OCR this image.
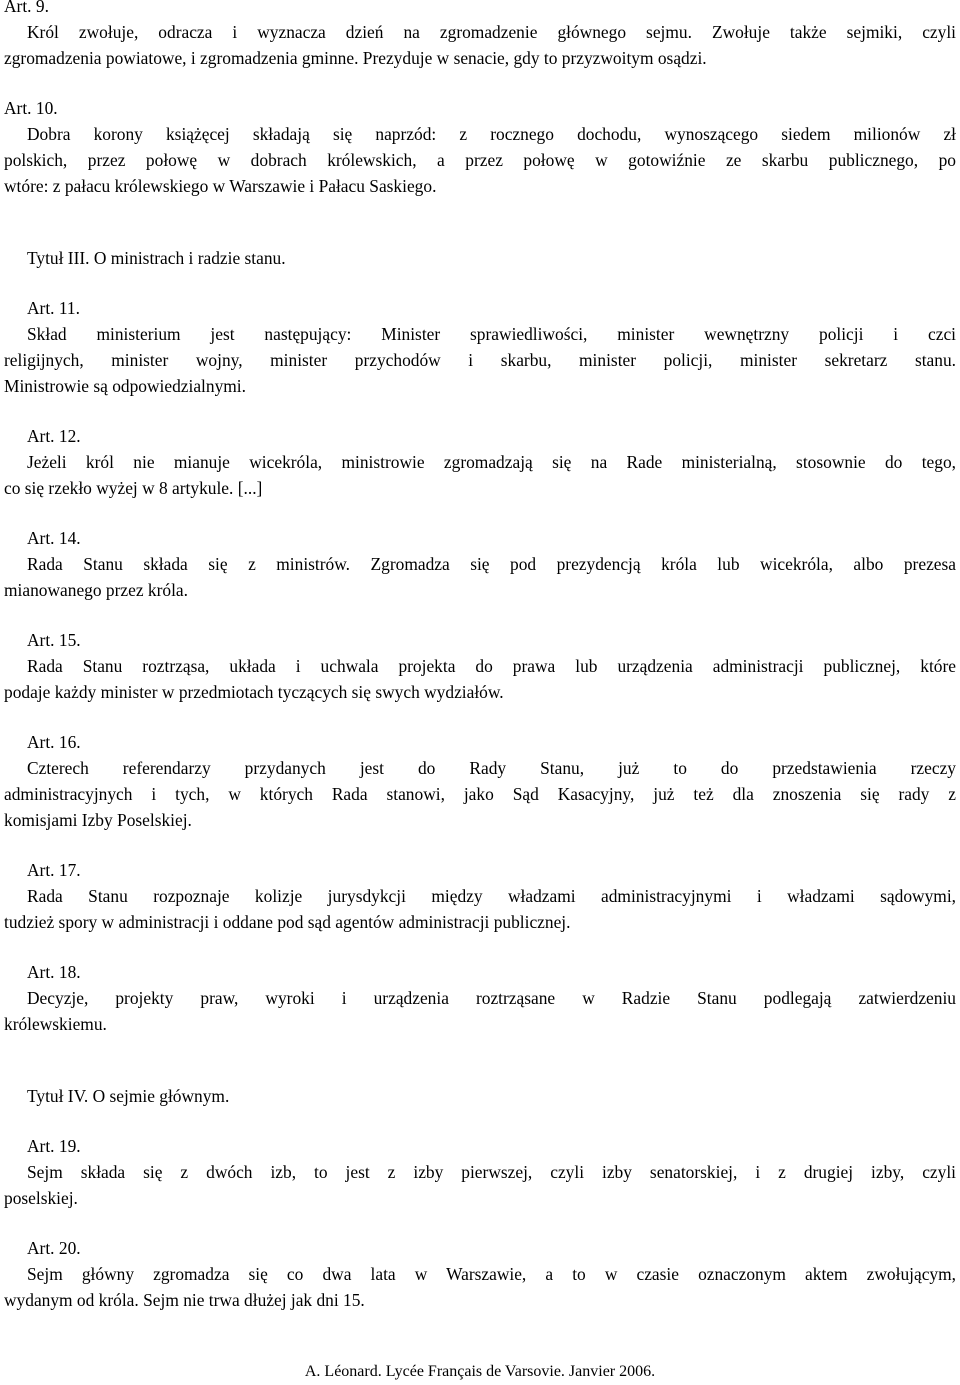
Art. 9.
Król zwołuje, odracza i wyznacza dzień na zgromadzenie głównego sejmu. Zwołuje także sejmiki, czyli
zgromadzenia powiatowe, i zgromadzenia gminne. Prezyduje w senacie, gdy to przyzwoitym osądzi.
Art. 10.
Dobra korony książęcej składają się naprzód: z rocznego dochodu, wynoszącego siedem milionów zł
polskich, przez połowę w dobrach królewskich, a przez połowę w gotowiźnie ze skarbu publicznego, po
wtóre: z pałacu królewskiego w Warszawie i Pałacu Saskiego.
Tytuł III. O ministrach i radzie stanu.
Art. 11.
Skład ministerium jest następujący: Minister sprawiedliwości, minister wewnętrzny policji i czci
religijnych, minister wojny, minister przychodów i skarbu, minister policji, minister sekretarz stanu.
Ministrowie są odpowiedzialnymi.
Art. 12.
Jeżeli król nie mianuje wicekróla, ministrowie zgromadzają się na Rade ministerialną, stosownie do tego,
co się rzekło wyżej w 8 artykule. [...]
Art. 14.
Rada Stanu składa się z ministrów. Zgromadza się pod prezydencją króla lub wicekróla, albo prezesa
mianowanego przez króla.
Art. 15.
Rada Stanu roztrząsa, układa i uchwala projekta do prawa lub urządzenia administracji publicznej, które
podaje każdy minister w przedmiotach tyczących się swych wydziałów.
Art. 16.
Czterech referendarzy przydanych jest do Rady Stanu, już to do przedstawienia rzeczy
administracyjnych i tych, w których Rada stanowi, jako Sąd Kasacyjny, już też dla znoszenia się rady z
komisjami Izby Poselskiej.
Art. 17.
Rada Stanu rozpoznaje kolizje jurysdykcji między władzami administracyjnymi i władzami sądowymi,
tudzież spory w administracji i oddane pod sąd agentów administracji publicznej.
Art. 18.
Decyzje, projekty praw, wyroki i urządzenia roztrząsane w Radzie Stanu podlegają zatwierdzeniu
królewskiemu.
Tytuł IV. O sejmie głównym.
Art. 19.
Sejm składa się z dwóch izb, to jest z izby pierwszej, czyli izby senatorskiej, i z drugiej izby, czyli
poselskiej.
Art. 20.
Sejm główny zgromadza się co dwa lata w Warszawie, a to w czasie oznaczonym aktem zwołującym,
wydanym od króla. Sejm nie trwa dłużej jak dni 15.
A. Léonard. Lycée Français de Varsovie. Janvier 2006.
